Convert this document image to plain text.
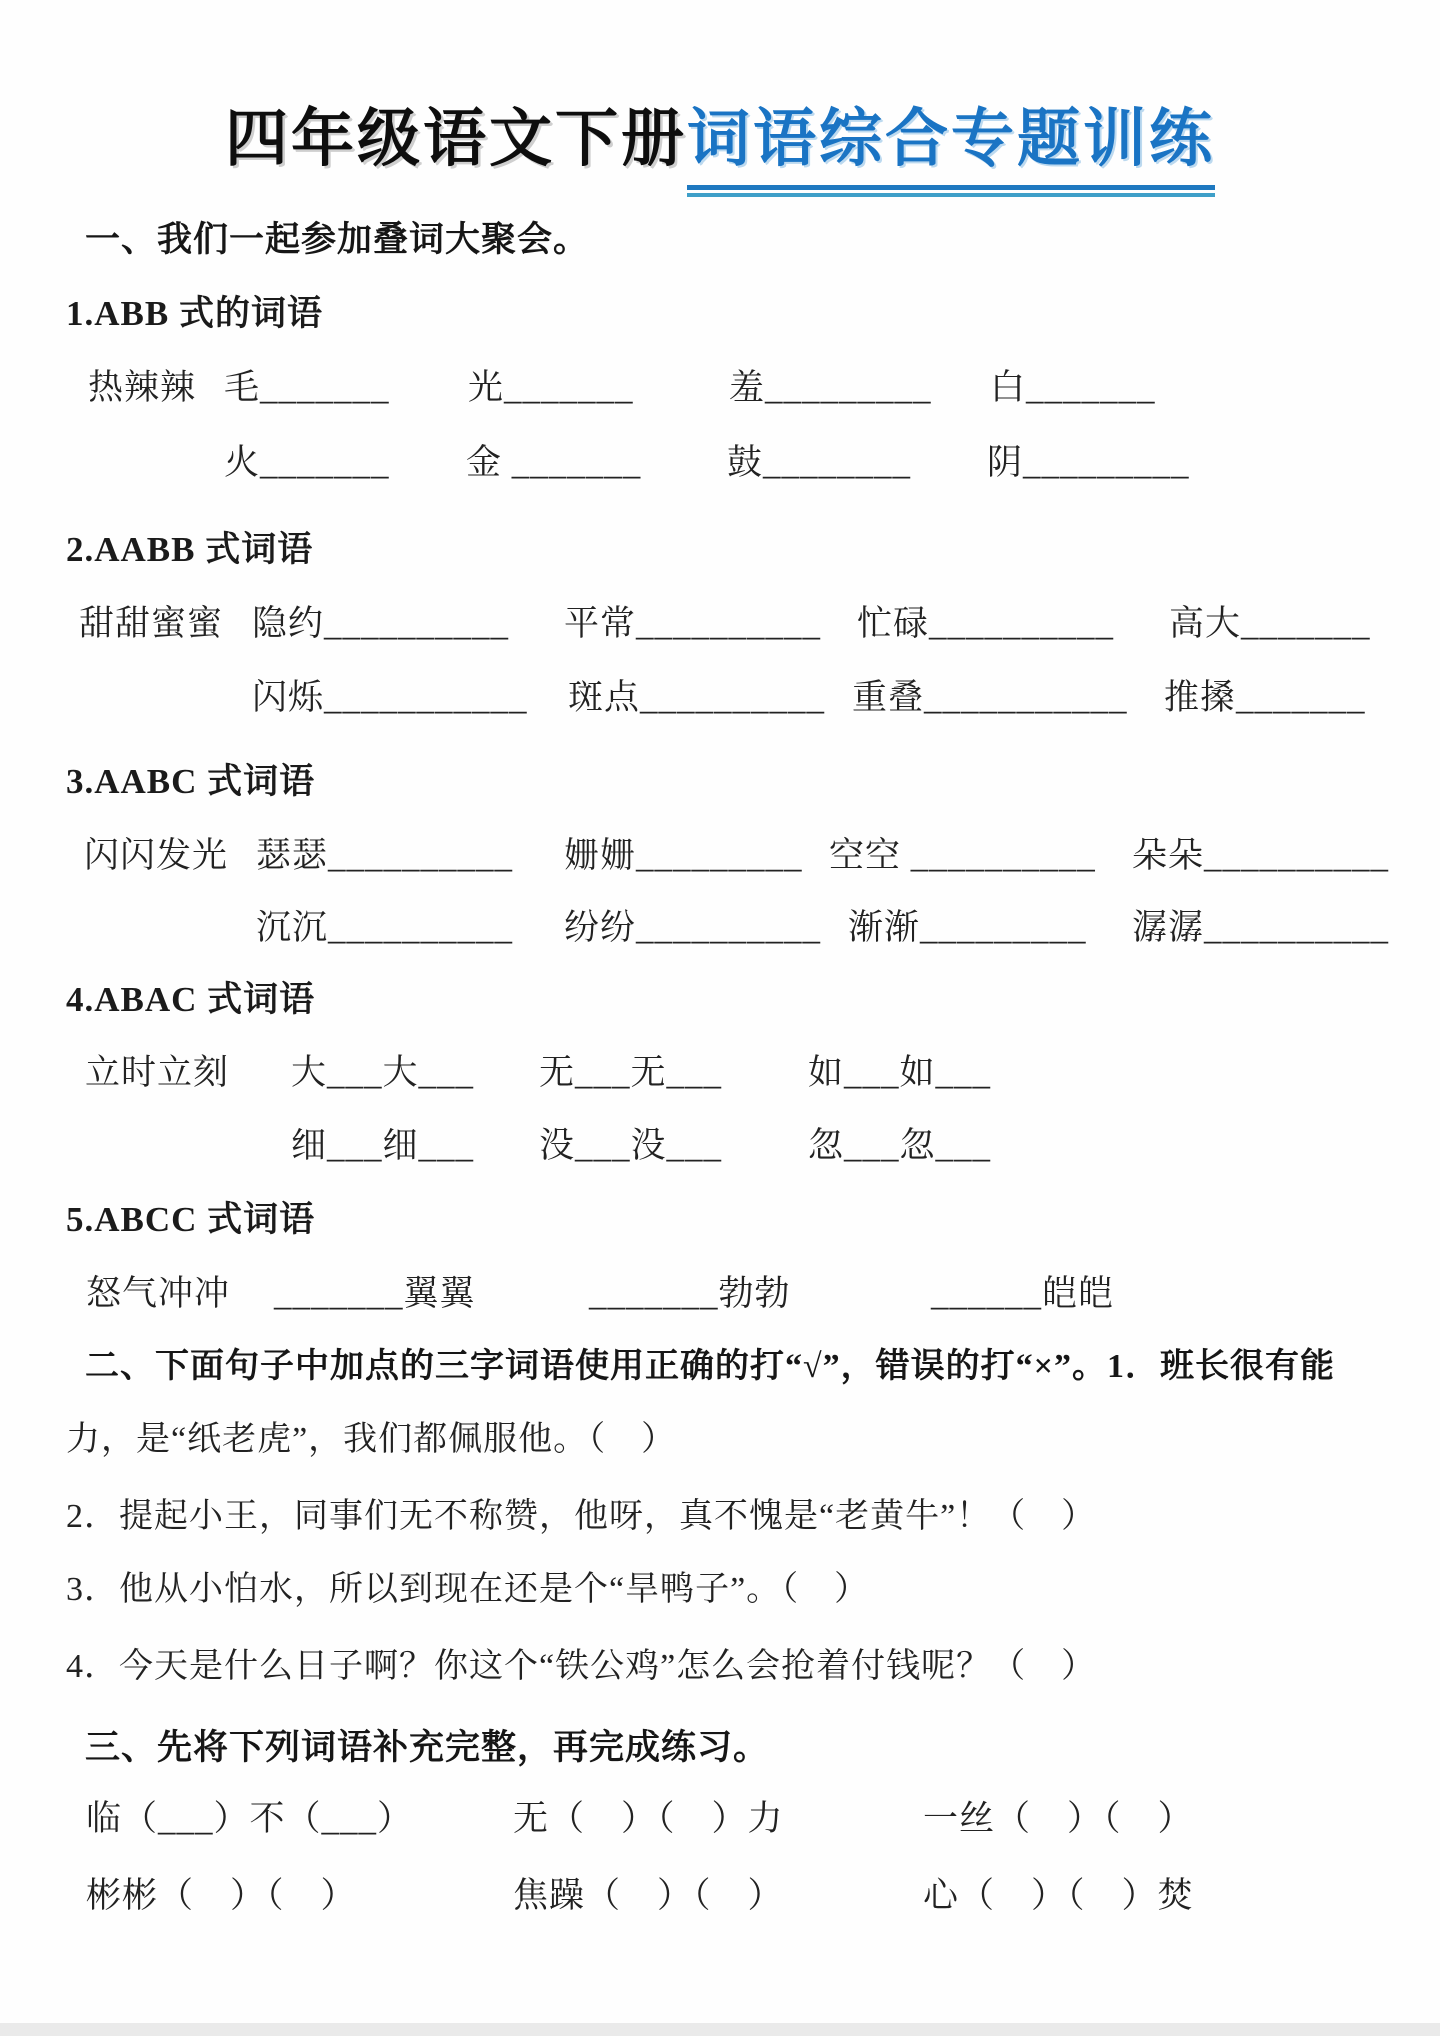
四年级语文下册词语综合专题训练
一、我们一起参加叠词大聚会。
1.ABB 式的词语
热辣辣 毛_______ 光_______	羞_________ 白_______
火_______ 金 _______ 鼓________ 阴_________
2.AABB 式词语
甜甜蜜蜜 隐约__________ 平常__________ 忙碌__________ 高大_______
闪烁___________ 斑点__________ 重叠___________ 推搡_______
3.AABC 式词语
闪闪发光 瑟瑟__________ 姗姗_________ 空空 __________ 朵朵__________
沉沉__________ 纷纷__________ 渐渐_________ 潺潺__________
4.ABAC 式词语
立时立刻 大___大___ 无___无___ 如___如___
细___细___ 没___没___ 忽___忽___
5.ABCC 式词语
怒气冲冲 _______翼翼	_______勃勃	______皑皑
二、下面句子中加点的三字词语使用正确的打“√”，错误的打“×”。1．班长很有能
力，是“纸老虎”，我们都佩服他。（　）
2．提起小王，同事们无不称赞，他呀，真不愧是“老黄牛”！（　）
3．他从小怕水，所以到现在还是个“旱鸭子”。（　）
4．今天是什么日子啊？你这个“铁公鸡”怎么会抢着付钱呢？（　）
三、先将下列词语补充完整，再完成练习。
临（___）不（___）	无（　）（　）力	一丝（　）（　）
彬彬（　）（　）	焦躁（　）（　）	心（　）（　）焚
